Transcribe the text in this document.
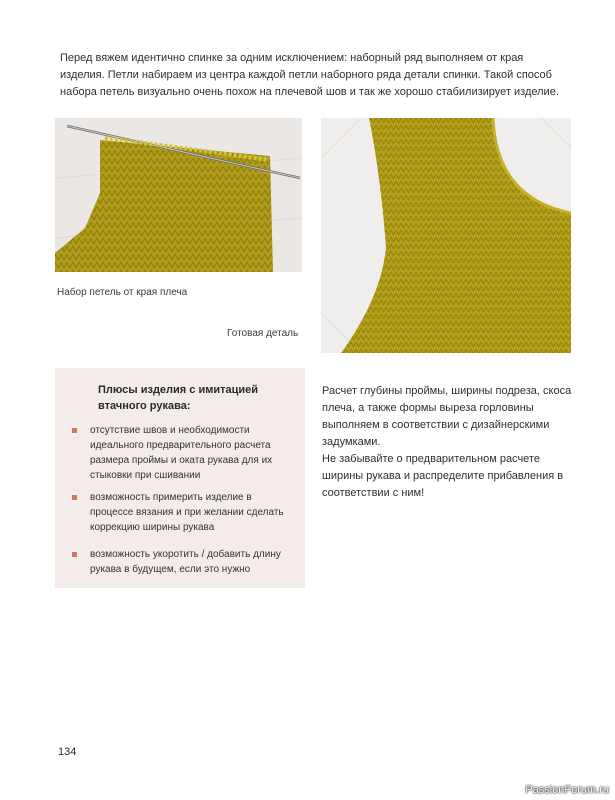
Перед вяжем идентично спинке за одним исключением: наборный ряд выполняем от края изделия. Петли набираем из центра каждой петли наборного ряда детали спинки. Такой способ набора петель визуально очень похож на плечевой шов и так же хорошо стабилизирует изделие.

Набор петель от края плеча
Готовая деталь

Плюсы изделия с имитацией втачного рукава:

отсутствие швов и необходимости идеального предварительного расчета размера проймы и оката рукава для их стыковки при сшивании
возможность примерить изделие в процессе вязания и при желании сделать коррекцию ширины рукава
возможность укоротить / добавить длину рукава в будущем, если это нужно

Расчет глубины проймы, ширины подреза, скоса плеча, а также формы выреза горловины выполняем в соответствии с дизайнерскими задумками.

Не забывайте о предварительном расчете ширины рукава и распределите прибавления в соответствии с ним!

134
PassionForum.ru
